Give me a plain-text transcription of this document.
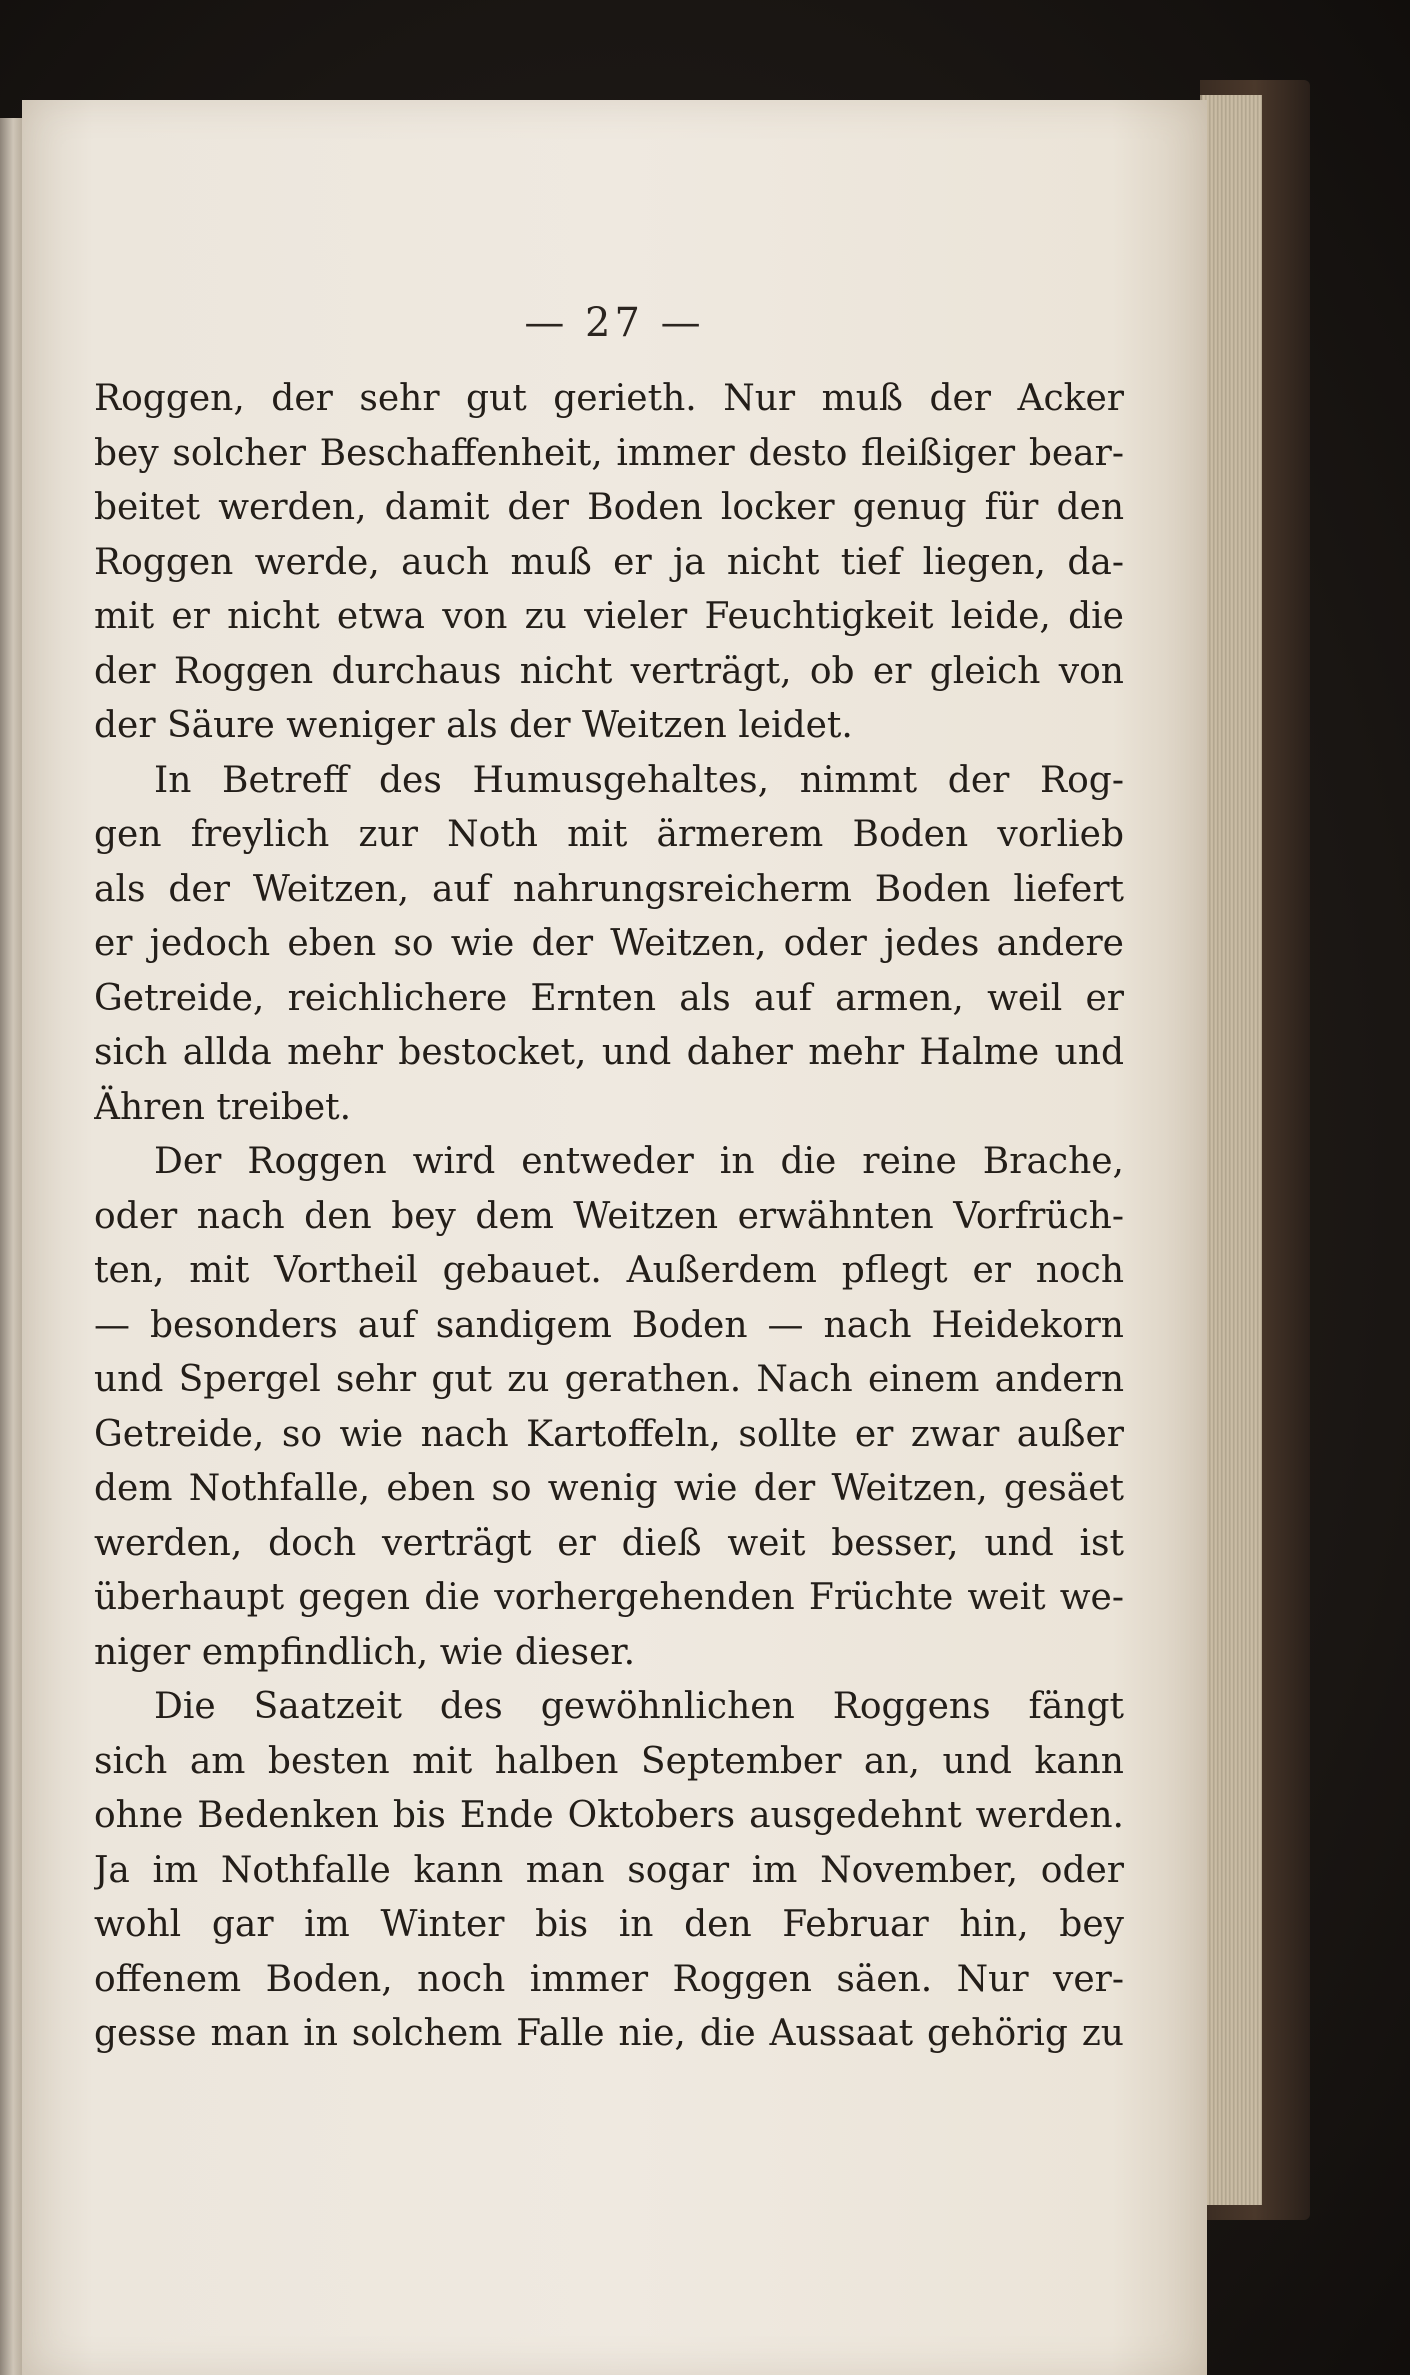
— 27 —
Roggen, der sehr gut gerieth. Nur muß der Acker
bey solcher Beschaffenheit, immer desto fleißiger bear-
beitet werden, damit der Boden locker genug für den
Roggen werde, auch muß er ja nicht tief liegen, da-
mit er nicht etwa von zu vieler Feuchtigkeit leide, die
der Roggen durchaus nicht verträgt, ob er gleich von
der Säure weniger als der Weitzen leidet.
In Betreff des Humusgehaltes, nimmt der Rog-
gen freylich zur Noth mit ärmerem Boden vorlieb
als der Weitzen, auf nahrungsreicherm Boden liefert
er jedoch eben so wie der Weitzen, oder jedes andere
Getreide, reichlichere Ernten als auf armen, weil er
sich allda mehr bestocket, und daher mehr Halme und
Ähren treibet.
Der Roggen wird entweder in die reine Brache,
oder nach den bey dem Weitzen erwähnten Vorfrüch-
ten, mit Vortheil gebauet. Außerdem pflegt er noch
— besonders auf sandigem Boden — nach Heidekorn
und Spergel sehr gut zu gerathen. Nach einem andern
Getreide, so wie nach Kartoffeln, sollte er zwar außer
dem Nothfalle, eben so wenig wie der Weitzen, gesäet
werden, doch verträgt er dieß weit besser, und ist
überhaupt gegen die vorhergehenden Früchte weit we-
niger empfindlich, wie dieser.
Die Saatzeit des gewöhnlichen Roggens fängt
sich am besten mit halben September an, und kann
ohne Bedenken bis Ende Oktobers ausgedehnt werden.
Ja im Nothfalle kann man sogar im November, oder
wohl gar im Winter bis in den Februar hin, bey
offenem Boden, noch immer Roggen säen. Nur ver-
gesse man in solchem Falle nie, die Aussaat gehörig zu
